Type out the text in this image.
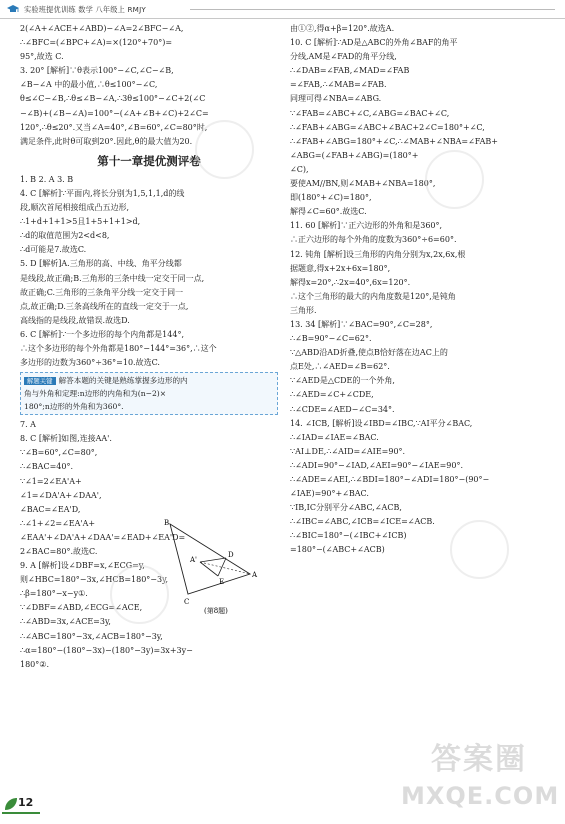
实验班提优训练 数学 八年级上 RMJY
2(∠A+∠ACE+∠ABD)−∠A=2∠BFC−∠A,
∴∠BFC=(∠BPC+∠A)=×(120°+70°)=
95°,故选 C.
3. 20° [解析]∵θ表示100°−∠C,∠C−∠B,
∠B−∠A 中的最小值,∴θ≤100°−∠C,
θ≤∠C−∠B,∴θ≤∠B−∠A,∴3θ≤100°−∠C+2(∠C
−∠B)+(∠B−∠A)=100°−(∠A+∠B+∠C)+2∠C=
120°,∴θ≤20°.又当∠A=40°,∠B=60°,∠C=80°时,
满足条件,此时θ可取到20°.因此,θ的最大值为20.
第十一章提优测评卷
1. B 2. A 3. B
4. C [解析]∵平面内,将长分别为1,5,1,1,d的线
段,顺次首尾相接组成凸五边形,
∴1+d+1+1>5且1+5+1+1>d,
∴d的取值范围为2<d<8,
∴d可能是7.故选C.
5. D [解析]A.三角形的高、中线、角平分线都
是线段,故正确;B.三角形的三条中线一定交于同一点,
故正确;C.三角形的三条角平分线一定交于同一
点,故正确;D.三条高线所在的直线一定交于一点,
高线指的是线段,故错误.故选D.
6. C [解析]∵一个多边形的每个内角都是144°,
∴这个多边形的每个外角都是180°−144°=36°,∴这个
多边形的边数为360°÷36°=10.故选C.
解题关键 解答本题的关键是熟练掌握多边形的内
角与外角和定理:n边形的内角和为(n−2)×
180°;n边形的外角和为360°.
7. A
8. C [解析]如图,连接AA'.
∵∠B=60°,∠C=80°,
∴∠BAC=40°.
∵∠1=2∠EA'A+
∠1=∠DA'A+∠DAA',
∠BAC=∠EA'D,
∴∠1+∠2=∠EA'A+
∠EAA'+∠DA'A+∠DAA'=∠EAD+∠EA'D=
2∠BAC=80°.故选C.
9. A [解析]设∠DBF=x,∠ECG=y,
则∠HBC=180°−3x,∠HCB=180°−3y,
∴β=180°−x−y①.
∵∠DBF=∠ABD,∠ECG=∠ACE,
∴∠ABD=3x,∠ACE=3y,
∴∠ABC=180°−3x,∠ACB=180°−3y,
∴α=180°−(180°−3x)−(180°−3y)=3x+3y−
180°②.
B
A
C
A'
D
E
(第8题)
由①②,得α+β=120°.故选A.
10. C [解析]∵AD是△ABC的外角∠BAF的角平
分线,AM是∠FAD的角平分线,
∴∠DAB=∠FAB,∠MAD=∠FAB
=∠FAB,∴∠MAB=∠FAB.
同理可得∠NBA=∠ABG.
∵∠FAB=∠ABC+∠C,∠ABG=∠BAC+∠C,
∴∠FAB+∠ABG=∠ABC+∠BAC+2∠C=180°+∠C,
∴∠FAB+∠ABG=180°+∠C,∴∠MAB+∠NBA=∠FAB+
∠ABG=(∠FAB+∠ABG)=(180°+
∠C),
要使AM//BN,则∠MAB+∠NBA=180°,
即(180°+∠C)=180°,
解得∠C=60°.故选C.
11. 60 [解析]∵正六边形的外角和是360°,
∴正六边形的每个外角的度数为360°÷6=60°.
12. 钝角 [解析]设三角形的内角分别为x,2x,6x,根
据题意,得x+2x+6x=180°,
解得x=20°,∴2x=40°,6x=120°.
∴这个三角形的最大的内角度数是120°,是钝角
三角形.
13. 34 [解析]∵∠BAC=90°,∠C=28°,
∴∠B=90°−∠C=62°.
∵△ABD沿AD折叠,使点B恰好落在边AC上的
点E处,∴∠AED=∠B=62°.
∵∠AED是△CDE的一个外角,
∴∠AED=∠C+∠CDE,
∴∠CDE=∠AED−∠C=34°.
14. ∠ICB, [解析]设∠IBD=∠IBC,∵AI平分∠BAC,
∴∠IAD=∠IAE=∠BAC.
∵AI⊥DE,∴∠AID=∠AIE=90°.
∴∠ADI=90°−∠IAD,∠AEI=90°−∠IAE=90°.
∴∠ADE=∠AEI,∴∠BDI=180°−∠ADI=180°−(90°−
∠IAE)=90°+∠BAC.
∵IB,IC分别平分∠ABC,∠ACB,
∴∠IBC=∠ABC,∠ICB=∠ICE=∠ACB.
∴∠BIC=180°−(∠IBC+∠ICB)
=180°−(∠ABC+∠ACB)
答案圈
MXQE.COM
12
